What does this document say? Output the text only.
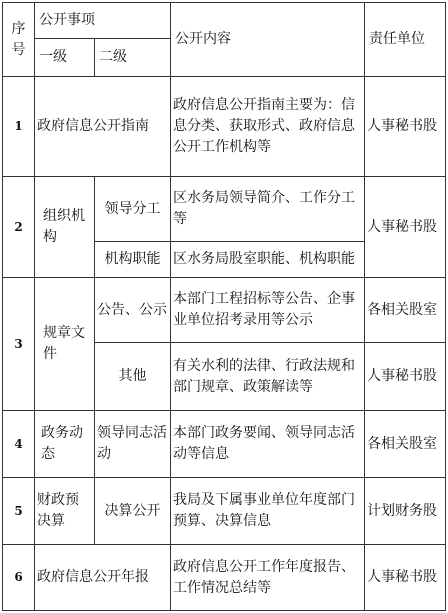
序号	公开事项		公开内容	责任单位
	一级	二级		
1	政府信息公开指南		政府信息公开指南主要为：信息分类、获取形式、政府信息公开工作机构等	人事秘书股
2	组织机构	领导分工	区水务局领导简介、工作分工等	人事秘书股
		机构职能	区水务局股室职能、机构职能	
3	规章文件	公告、公示	本部门工程招标等公告、企事业单位招考录用等公示	各相关股室
		其他	有关水利的法律、行政法规和部门规章、政策解读等	人事秘书股
4	政务动态	领导同志活动	本部门政务要闻、领导同志活动等信息	各相关股室
5	财政预决算	决算公开	我局及下属事业单位年度部门预算、决算信息	计划财务股
6	政府信息公开年报		政府信息公开工作年度报告、工作情况总结等	人事秘书股
